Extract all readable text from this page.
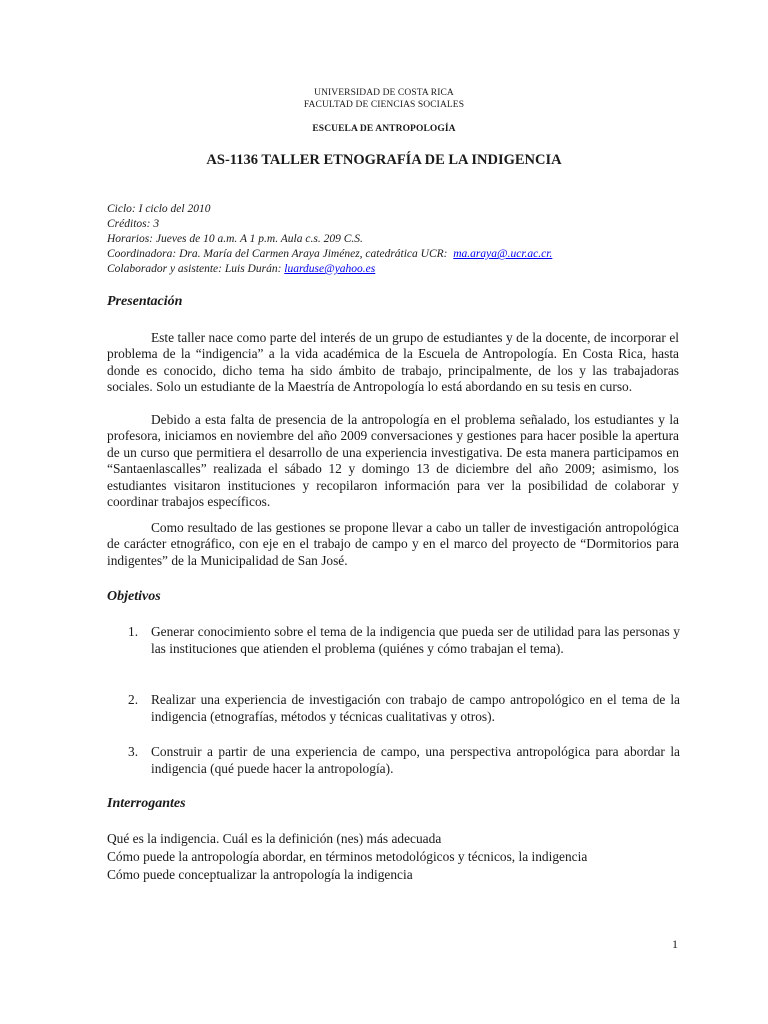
UNIVERSIDAD DE COSTA RICA

FACULTAD DE CIENCIAS SOCIALES

ESCUELA DE ANTROPOLOGÍA

AS-1136 TALLER ETNOGRAFÍA DE LA INDIGENCIA

Ciclo: I ciclo del 2010

Créditos: 3

Horarios: Jueves de 10 a.m. A 1 p.m. Aula c.s. 209 C.S.

Coordinadora: Dra. María del Carmen Araya Jiménez, catedrática UCR: ma.araya@.ucr.ac.cr.

Colaborador y asistente: Luis Durán: luarduse@yahoo.es

Presentación

Este taller nace como parte del interés de un grupo de estudiantes y de la docente, de incorporar el problema de la “indigencia” a la vida académica de la Escuela de Antropología. En Costa Rica, hasta donde es conocido, dicho tema ha sido ámbito de trabajo, principalmente, de los y las trabajadoras sociales. Solo un estudiante de la Maestría de Antropología lo está abordando en su tesis en curso.

Debido a esta falta de presencia de la antropología en el problema señalado, los estudiantes y la profesora, iniciamos en noviembre del año 2009 conversaciones y gestiones para hacer posible la apertura de un curso que permitiera el desarrollo de una experiencia investigativa. De esta manera participamos en “Santaenlascalles” realizada el sábado 12 y domingo 13 de diciembre del año 2009; asimismo, los estudiantes visitaron instituciones y recopilaron información para ver la posibilidad de colaborar y coordinar trabajos específicos.

Como resultado de las gestiones se propone llevar a cabo un taller de investigación antropológica de carácter etnográfico, con eje en el trabajo de campo y en el marco del proyecto de “Dormitorios para indigentes” de la Municipalidad de San José.

Objetivos

1. Generar conocimiento sobre el tema de la indigencia que pueda ser de utilidad para las personas y las instituciones que atienden el problema (quiénes y cómo trabajan el tema).
2. Realizar una experiencia de investigación con trabajo de campo antropológico en el tema de la indigencia (etnografías, métodos y técnicas cualitativas y otros).
3. Construir a partir de una experiencia de campo, una perspectiva antropológica para abordar la indigencia (qué puede hacer la antropología).

Interrogantes

Qué es la indigencia. Cuál es la definición (nes) más adecuada

Cómo puede la antropología abordar, en términos metodológicos y técnicos, la indigencia

Cómo puede conceptualizar la antropología la indigencia

1
